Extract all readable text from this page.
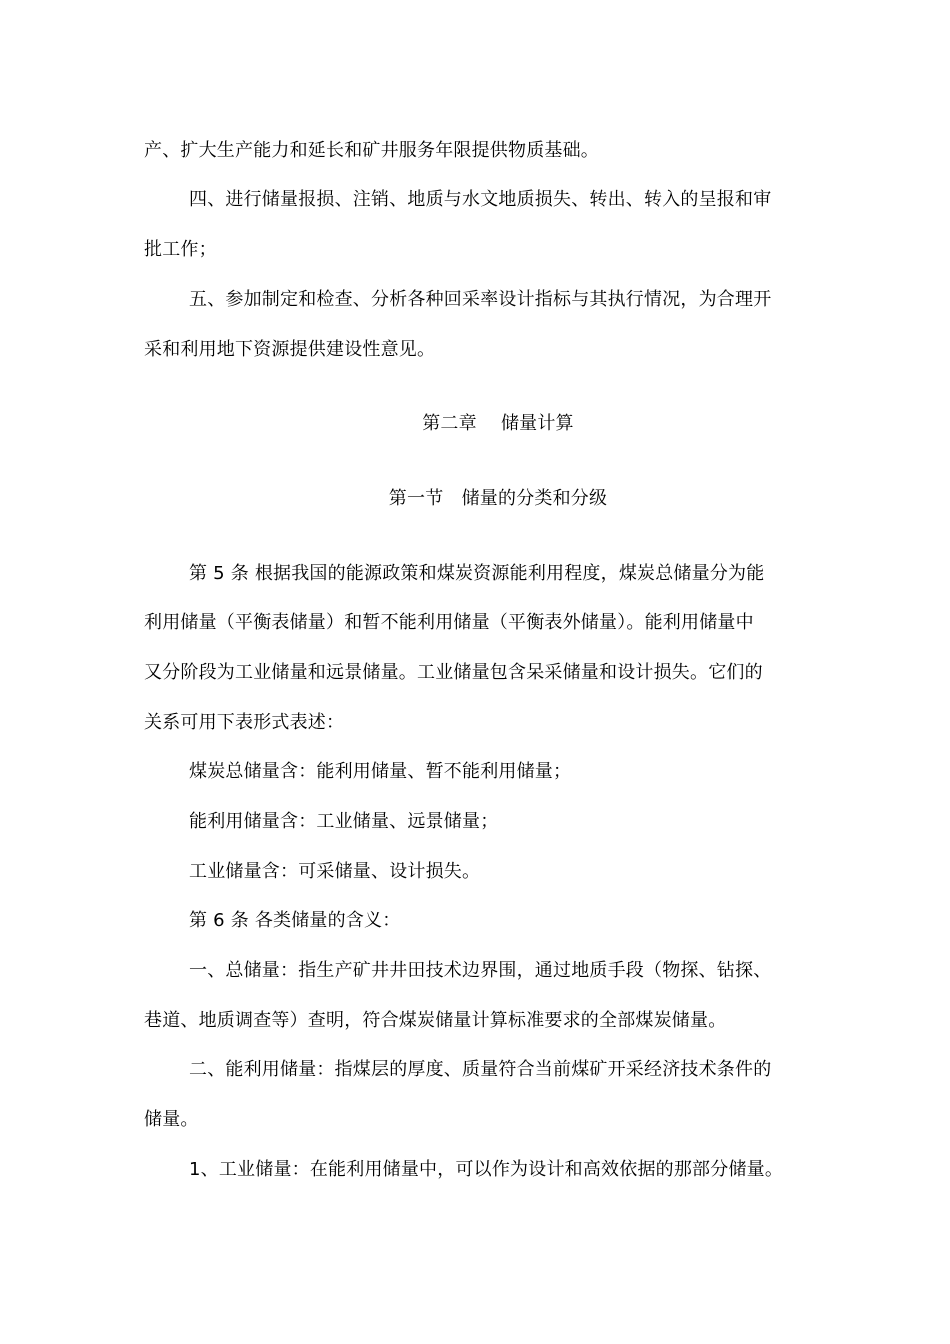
产、扩大生产能力和延长和矿井服务年限提供物质基础。
四、进行储量报损、注销、地质与水文地质损失、转出、转入的呈报和审
批工作；
五、参加制定和检查、分析各种回采率设计指标与其执行情况，为合理开
采和利用地下资源提供建设性意见。
第二章　 储量计算
第一节　储量的分类和分级
第 5 条 根据我国的能源政策和煤炭资源能利用程度，煤炭总储量分为能
利用储量（平衡表储量）和暂不能利用储量（平衡表外储量）。能利用储量中
又分阶段为工业储量和远景储量。工业储量包含呆采储量和设计损失。它们的
关系可用下表形式表述：
煤炭总储量含：能利用储量、暂不能利用储量；
能利用储量含：工业储量、远景储量；
工业储量含：可采储量、设计损失。
第 6 条 各类储量的含义：
一、总储量：指生产矿井井田技术边界围，通过地质手段（物探、钻探、
巷道、地质调查等）查明，符合煤炭储量计算标准要求的全部煤炭储量。
二、能利用储量：指煤层的厚度、质量符合当前煤矿开采经济技术条件的
储量。
1、工业储量：在能利用储量中，可以作为设计和高效依据的那部分储量。
